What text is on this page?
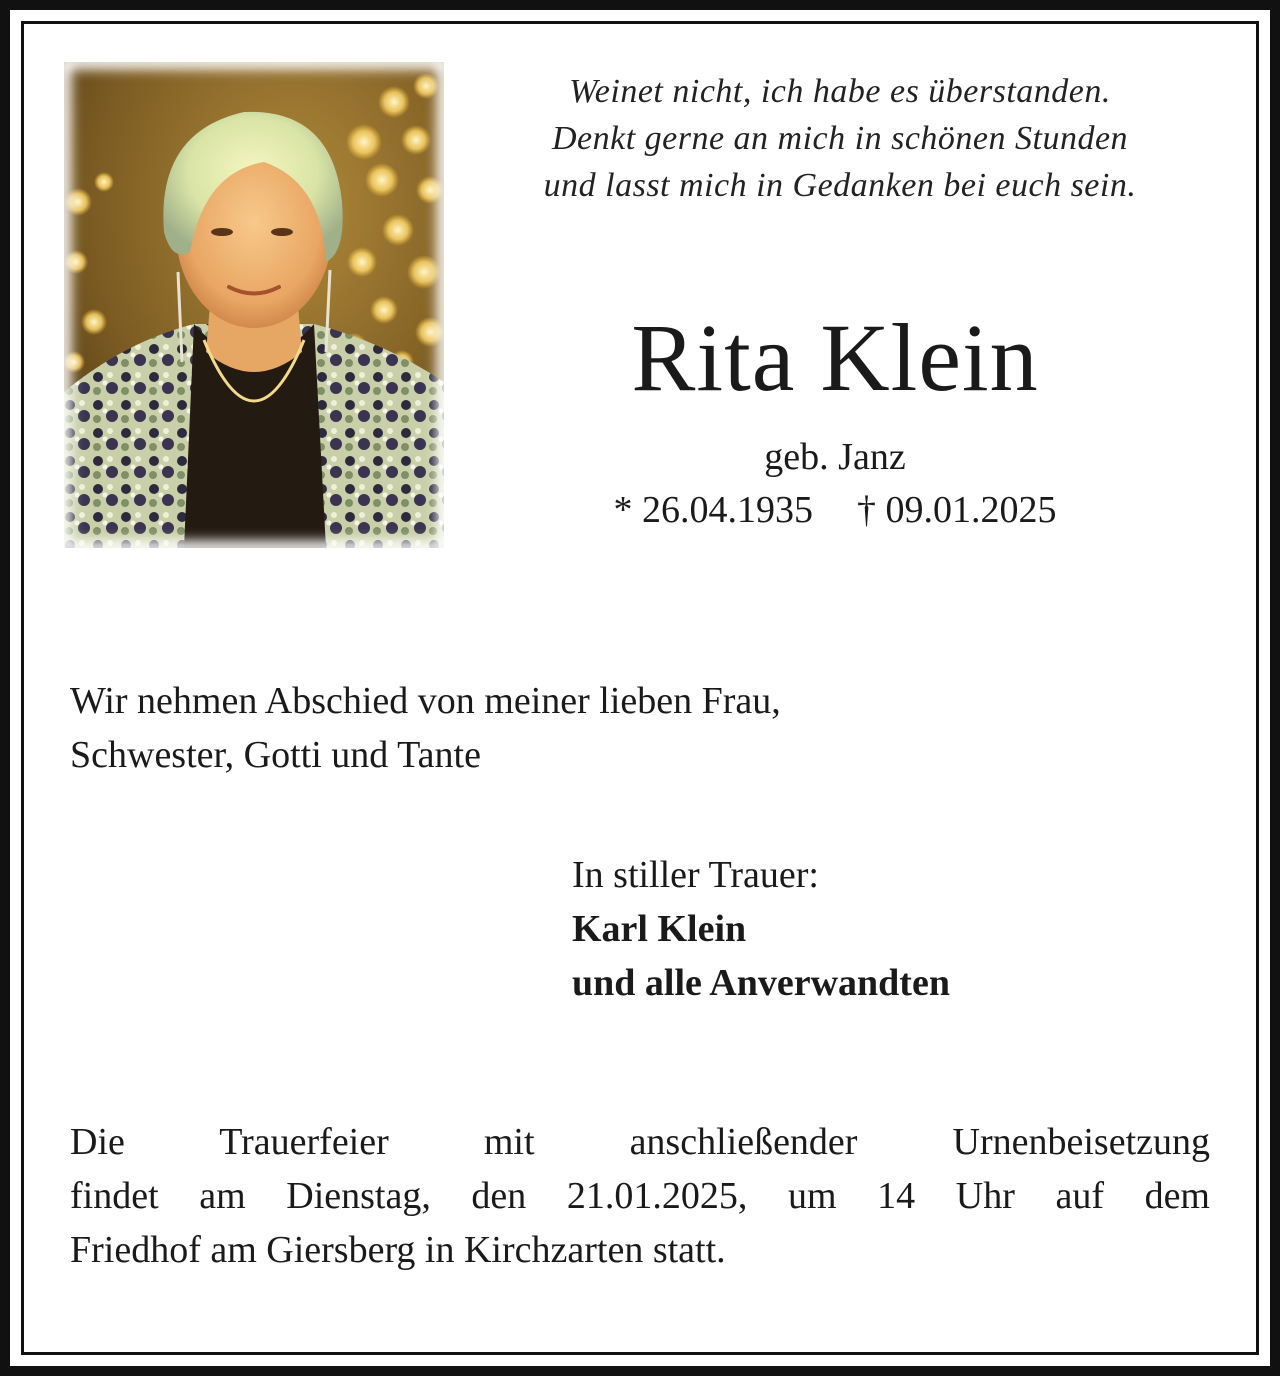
Weinet nicht, ich habe es überstanden.
Denkt gerne an mich in schönen Stunden
und lasst mich in Gedanken bei euch sein.
Rita Klein
geb. Janz
* 26.04.1935 † 09.01.2025
Wir nehmen Abschied von meiner lieben Frau,
Schwester, Gotti und Tante
In stiller Trauer:
Karl Klein
und alle Anverwandten
Die Trauerfeier mit anschließender Urnenbeisetzung
findet am Dienstag, den 21.01.2025, um 14 Uhr auf dem
Friedhof am Giersberg in Kirchzarten statt.
